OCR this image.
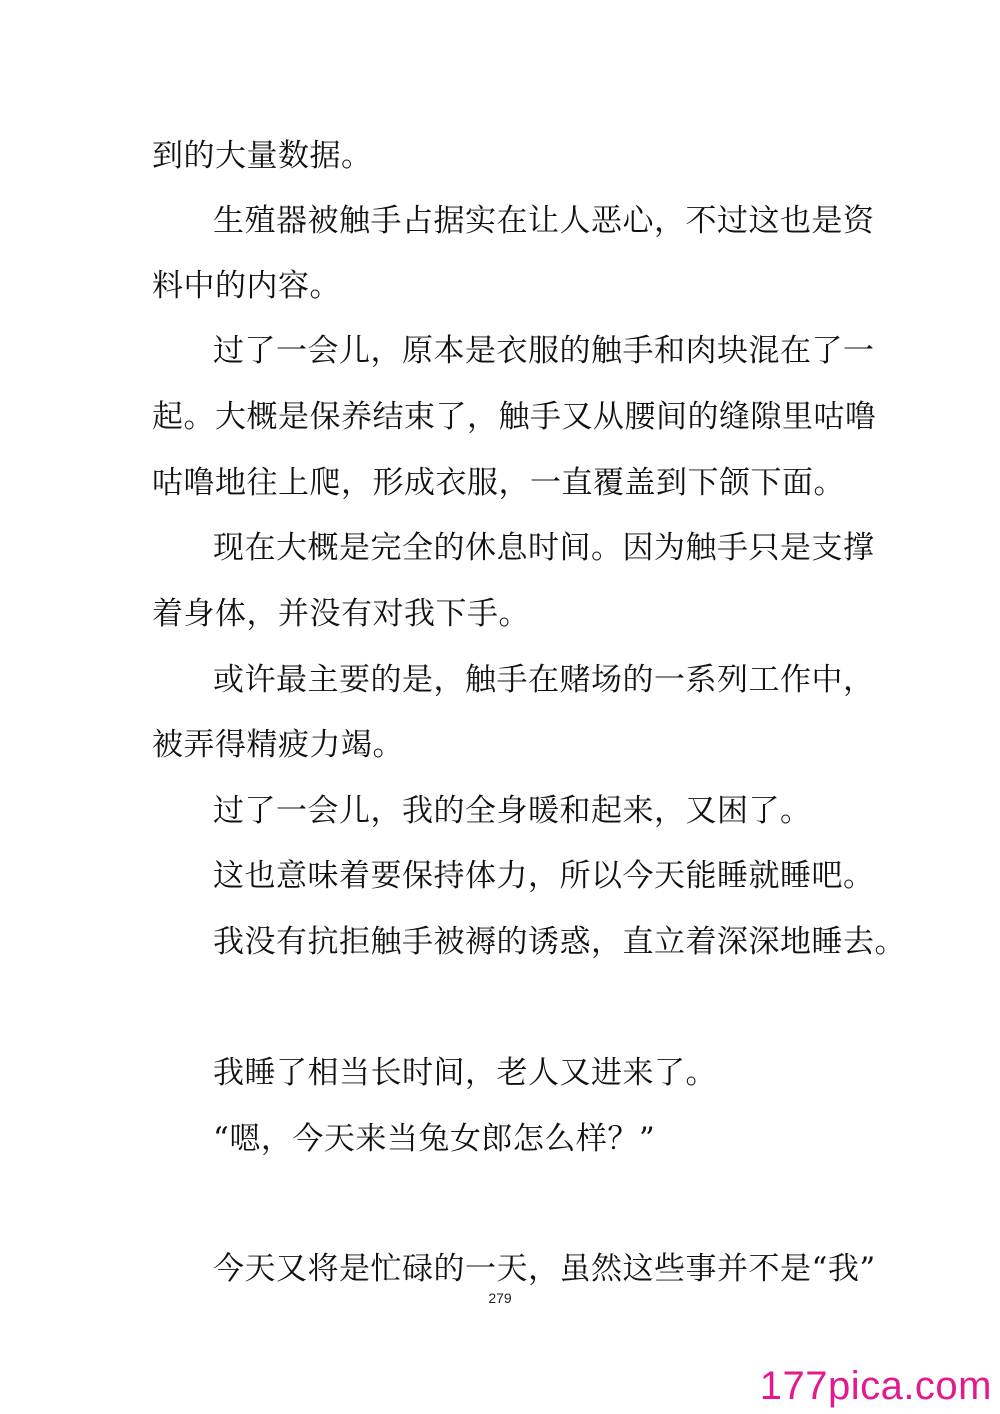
到的大量数据。
生殖器被触手占据实在让人恶心，不过这也是资
料中的内容。
过了一会儿，原本是衣服的触手和肉块混在了一
起。大概是保养结束了，触手又从腰间的缝隙里咕噜
咕噜地往上爬，形成衣服，一直覆盖到下颌下面。
现在大概是完全的休息时间。因为触手只是支撑
着身体，并没有对我下手。
或许最主要的是，触手在赌场的一系列工作中，
被弄得精疲力竭。
过了一会儿，我的全身暖和起来，又困了。
这也意味着要保持体力，所以今天能睡就睡吧。
我没有抗拒触手被褥的诱惑，直立着深深地睡去。
我睡了相当长时间，老人又进来了。
“嗯，今天来当兔女郎怎么样？”
今天又将是忙碌的一天，虽然这些事并不是“我”
279
177pica.com
